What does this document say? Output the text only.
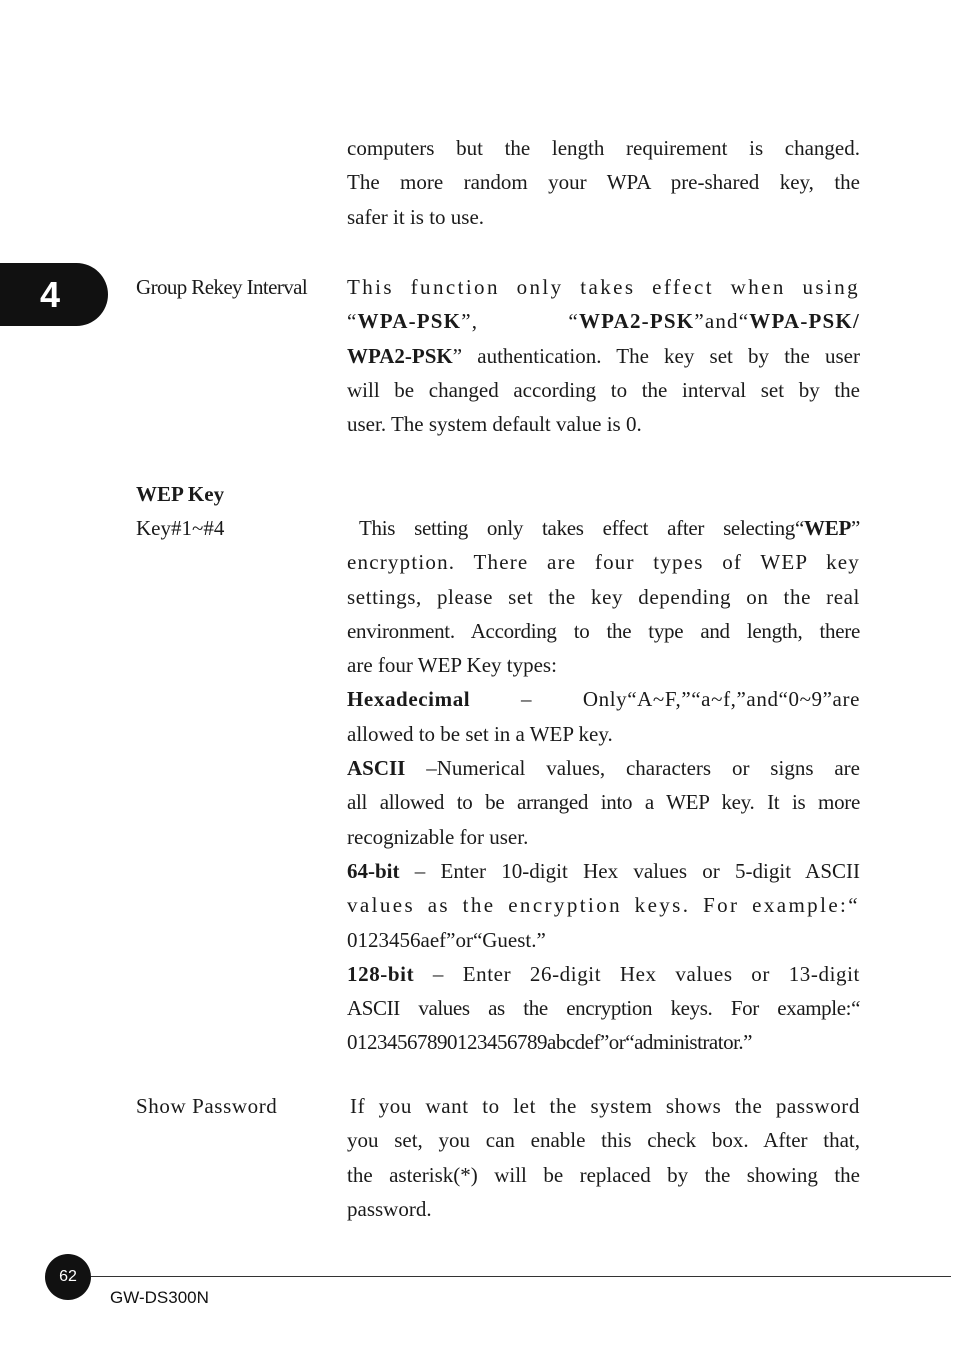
4

computers but the length requirement is changed.

The more random your WPA pre-shared key, the

safer it is to use.

Group Rekey Interval This function only takes effect when using

“WPA-PSK”, “WPA2-PSK”and“WPA-PSK/

WPA2-PSK” authentication. The key set by the user

will be changed according to the interval set by the

user. The system default value is 0.

WEP Key
Key#1~#4	This setting only takes effect after selecting“WEP”

encryption. There are four types of WEP key

settings, please set the key depending on the real

environment. According to the type and length, there

are four WEP Key types:

Hexadecimal – Only“A~F,”“a~f,”and“0~9”are

allowed to be set in a WEP key.

ASCII –Numerical values, characters or signs are

all allowed to be arranged into a WEP key. It is more

recognizable for user.

64-bit – Enter 10-digit Hex values or 5-digit ASCII

values as the encryption keys. For example:“

0123456aef”or“Guest.”

128-bit – Enter 26-digit Hex values or 13-digit

ASCII values as the encryption keys. For example:“

01234567890123456789abcdef”or“administrator.”

Show Password	If you want to let the system shows the password

you set, you can enable this check box. After that,

the asterisk(*) will be replaced by the showing the

password.

62
GW-DS300N
